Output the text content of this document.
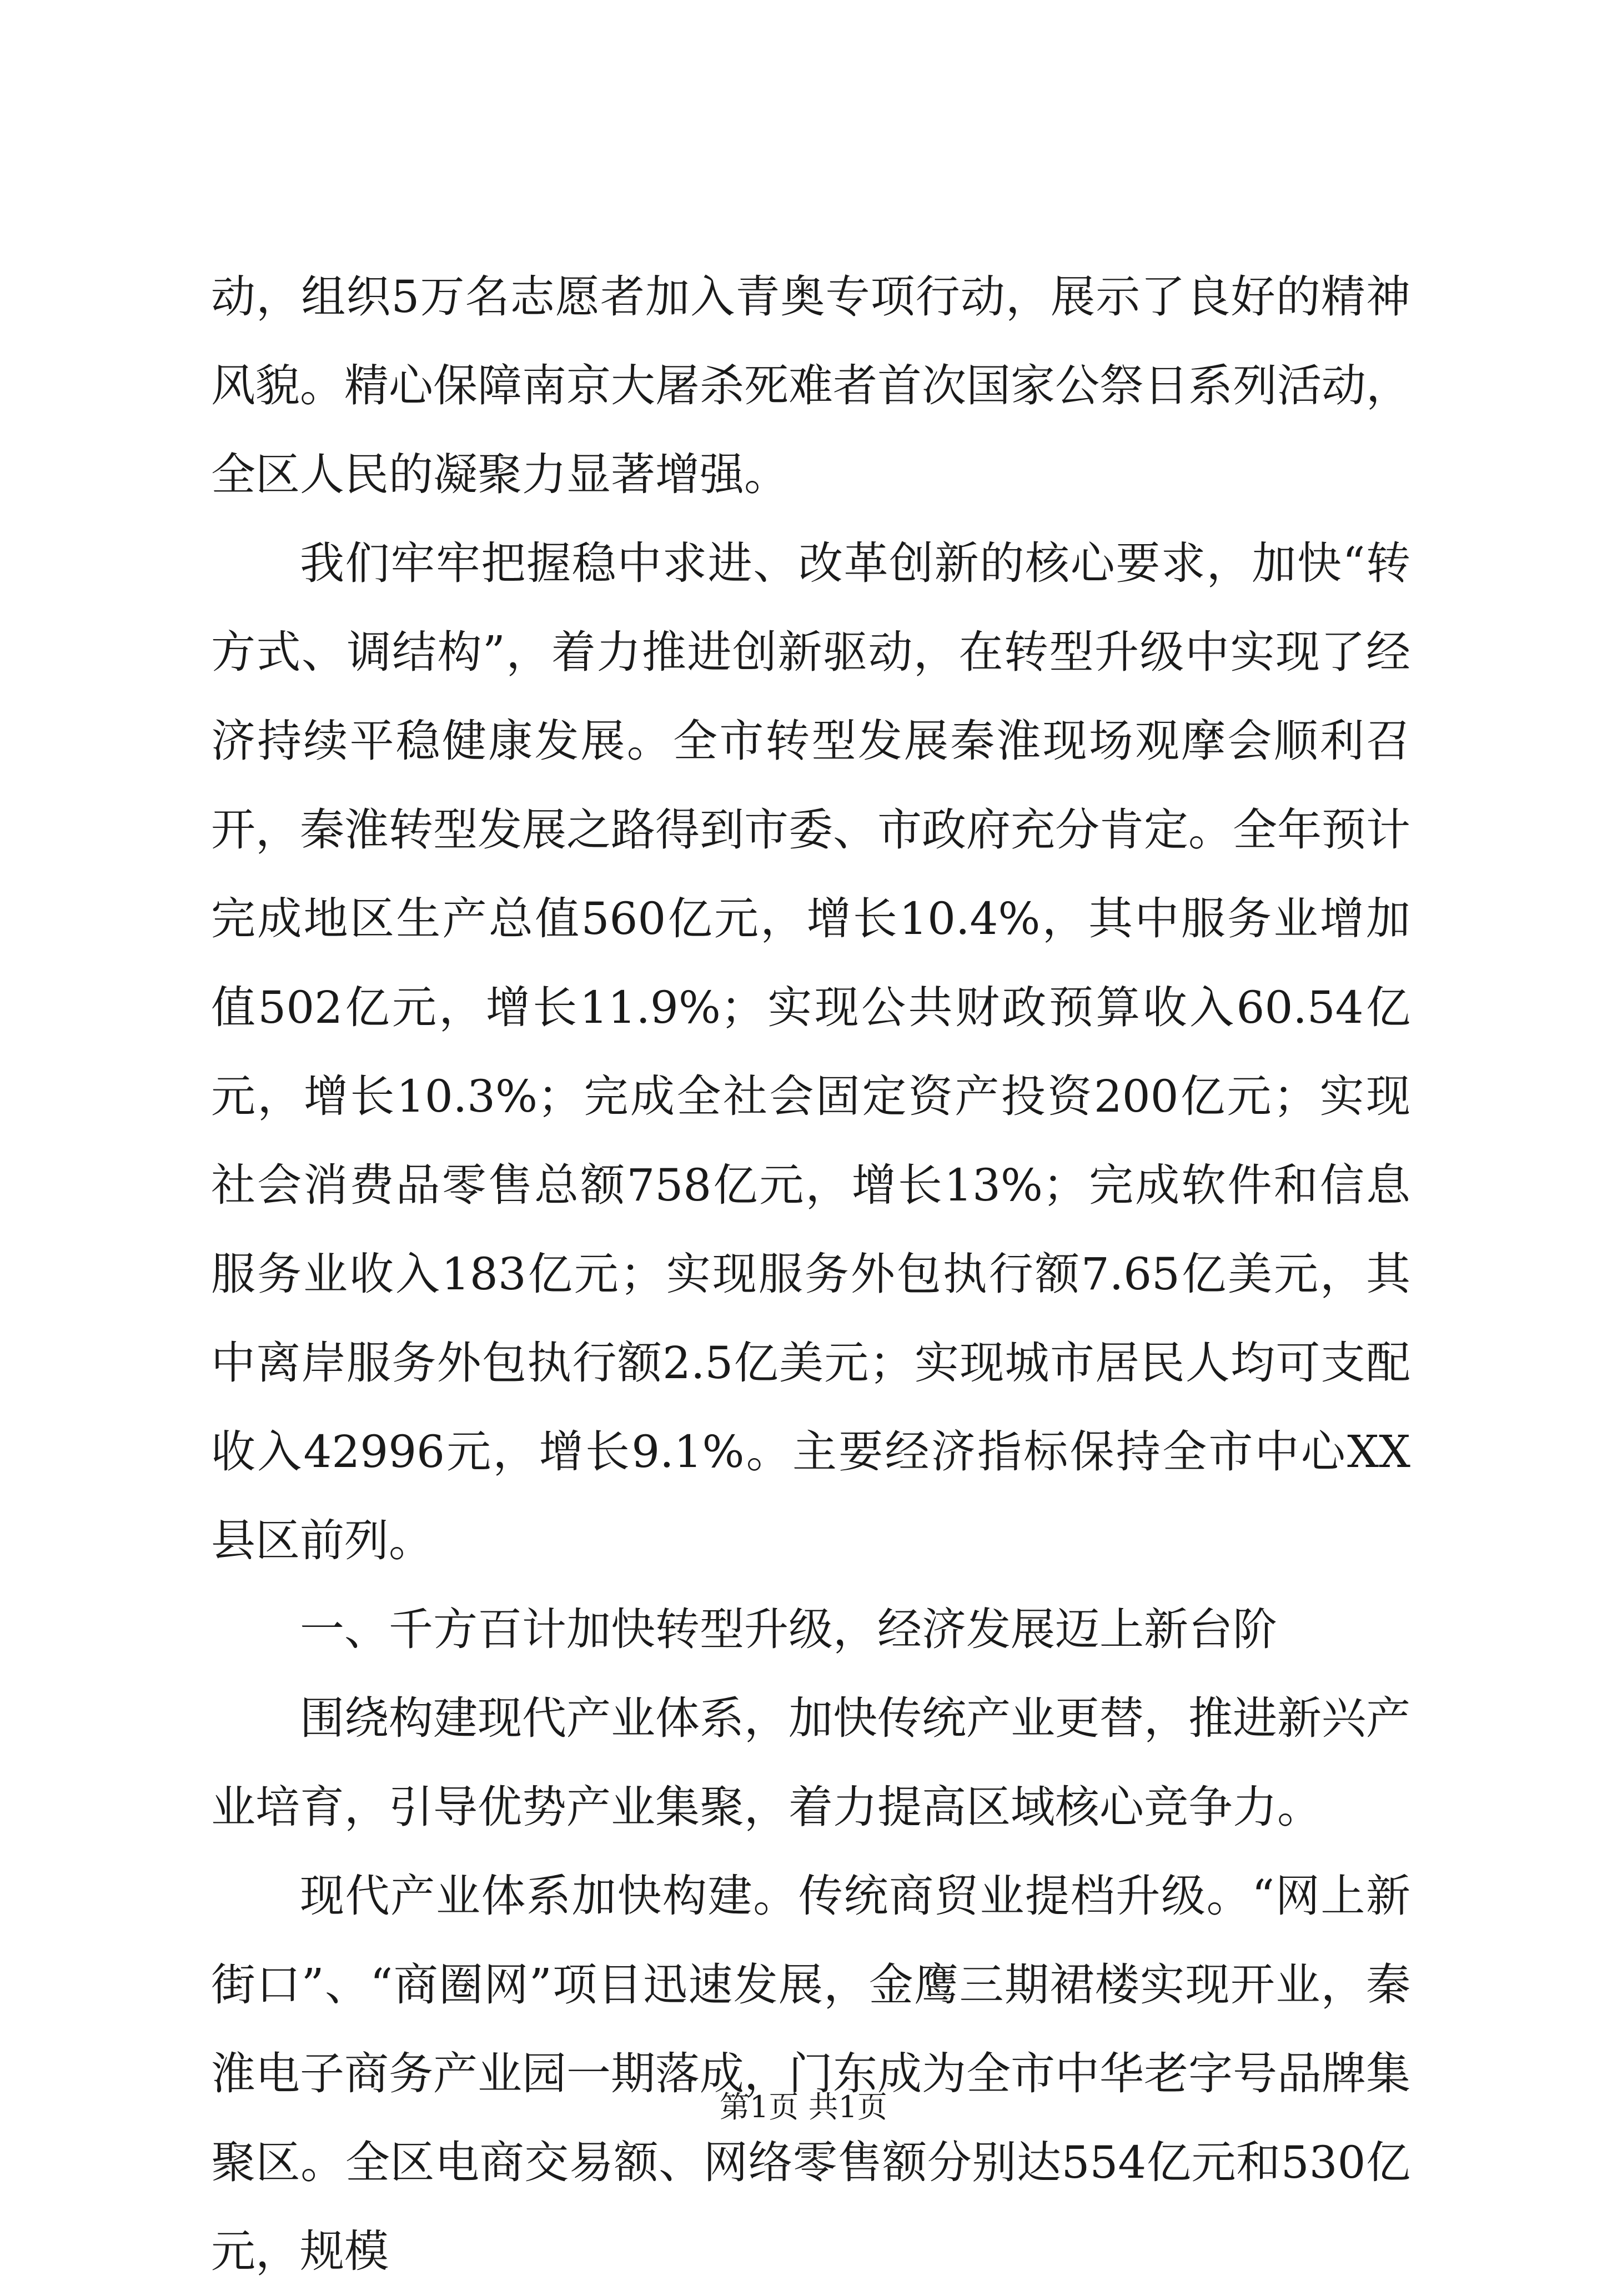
动，组织5万名志愿者加入青奥专项行动，展示了良好的精神风貌。精心保障南京大屠杀死难者首次国家公祭日系列活动，全区人民的凝聚力显著增强。

我们牢牢把握稳中求进、改革创新的核心要求，加快“转方式、调结构”，着力推进创新驱动，在转型升级中实现了经济持续平稳健康发展。全市转型发展秦淮现场观摩会顺利召开，秦淮转型发展之路得到市委、市政府充分肯定。全年预计完成地区生产总值560亿元，增长10.4%，其中服务业增加值502亿元，增长11.9%；实现公共财政预算收入60.54亿元，增长10.3%；完成全社会固定资产投资200亿元；实现社会消费品零售总额758亿元，增长13%；完成软件和信息服务业收入183亿元；实现服务外包执行额7.65亿美元，其中离岸服务外包执行额2.5亿美元；实现城市居民人均可支配收入42996元，增长9.1%。主要经济指标保持全市中心XX县区前列。

一、千方百计加快转型升级，经济发展迈上新台阶

围绕构建现代产业体系，加快传统产业更替，推进新兴产业培育，引导优势产业集聚，着力提高区域核心竞争力。

现代产业体系加快构建。传统商贸业提档升级。“网上新街口”、“商圈网”项目迅速发展，金鹰三期裙楼实现开业，秦淮电子商务产业园一期落成，门东成为全市中华老字号品牌集聚区。全区电商交易额、网络零售额分别达554亿元和530亿元，规模

第1页 共1页
